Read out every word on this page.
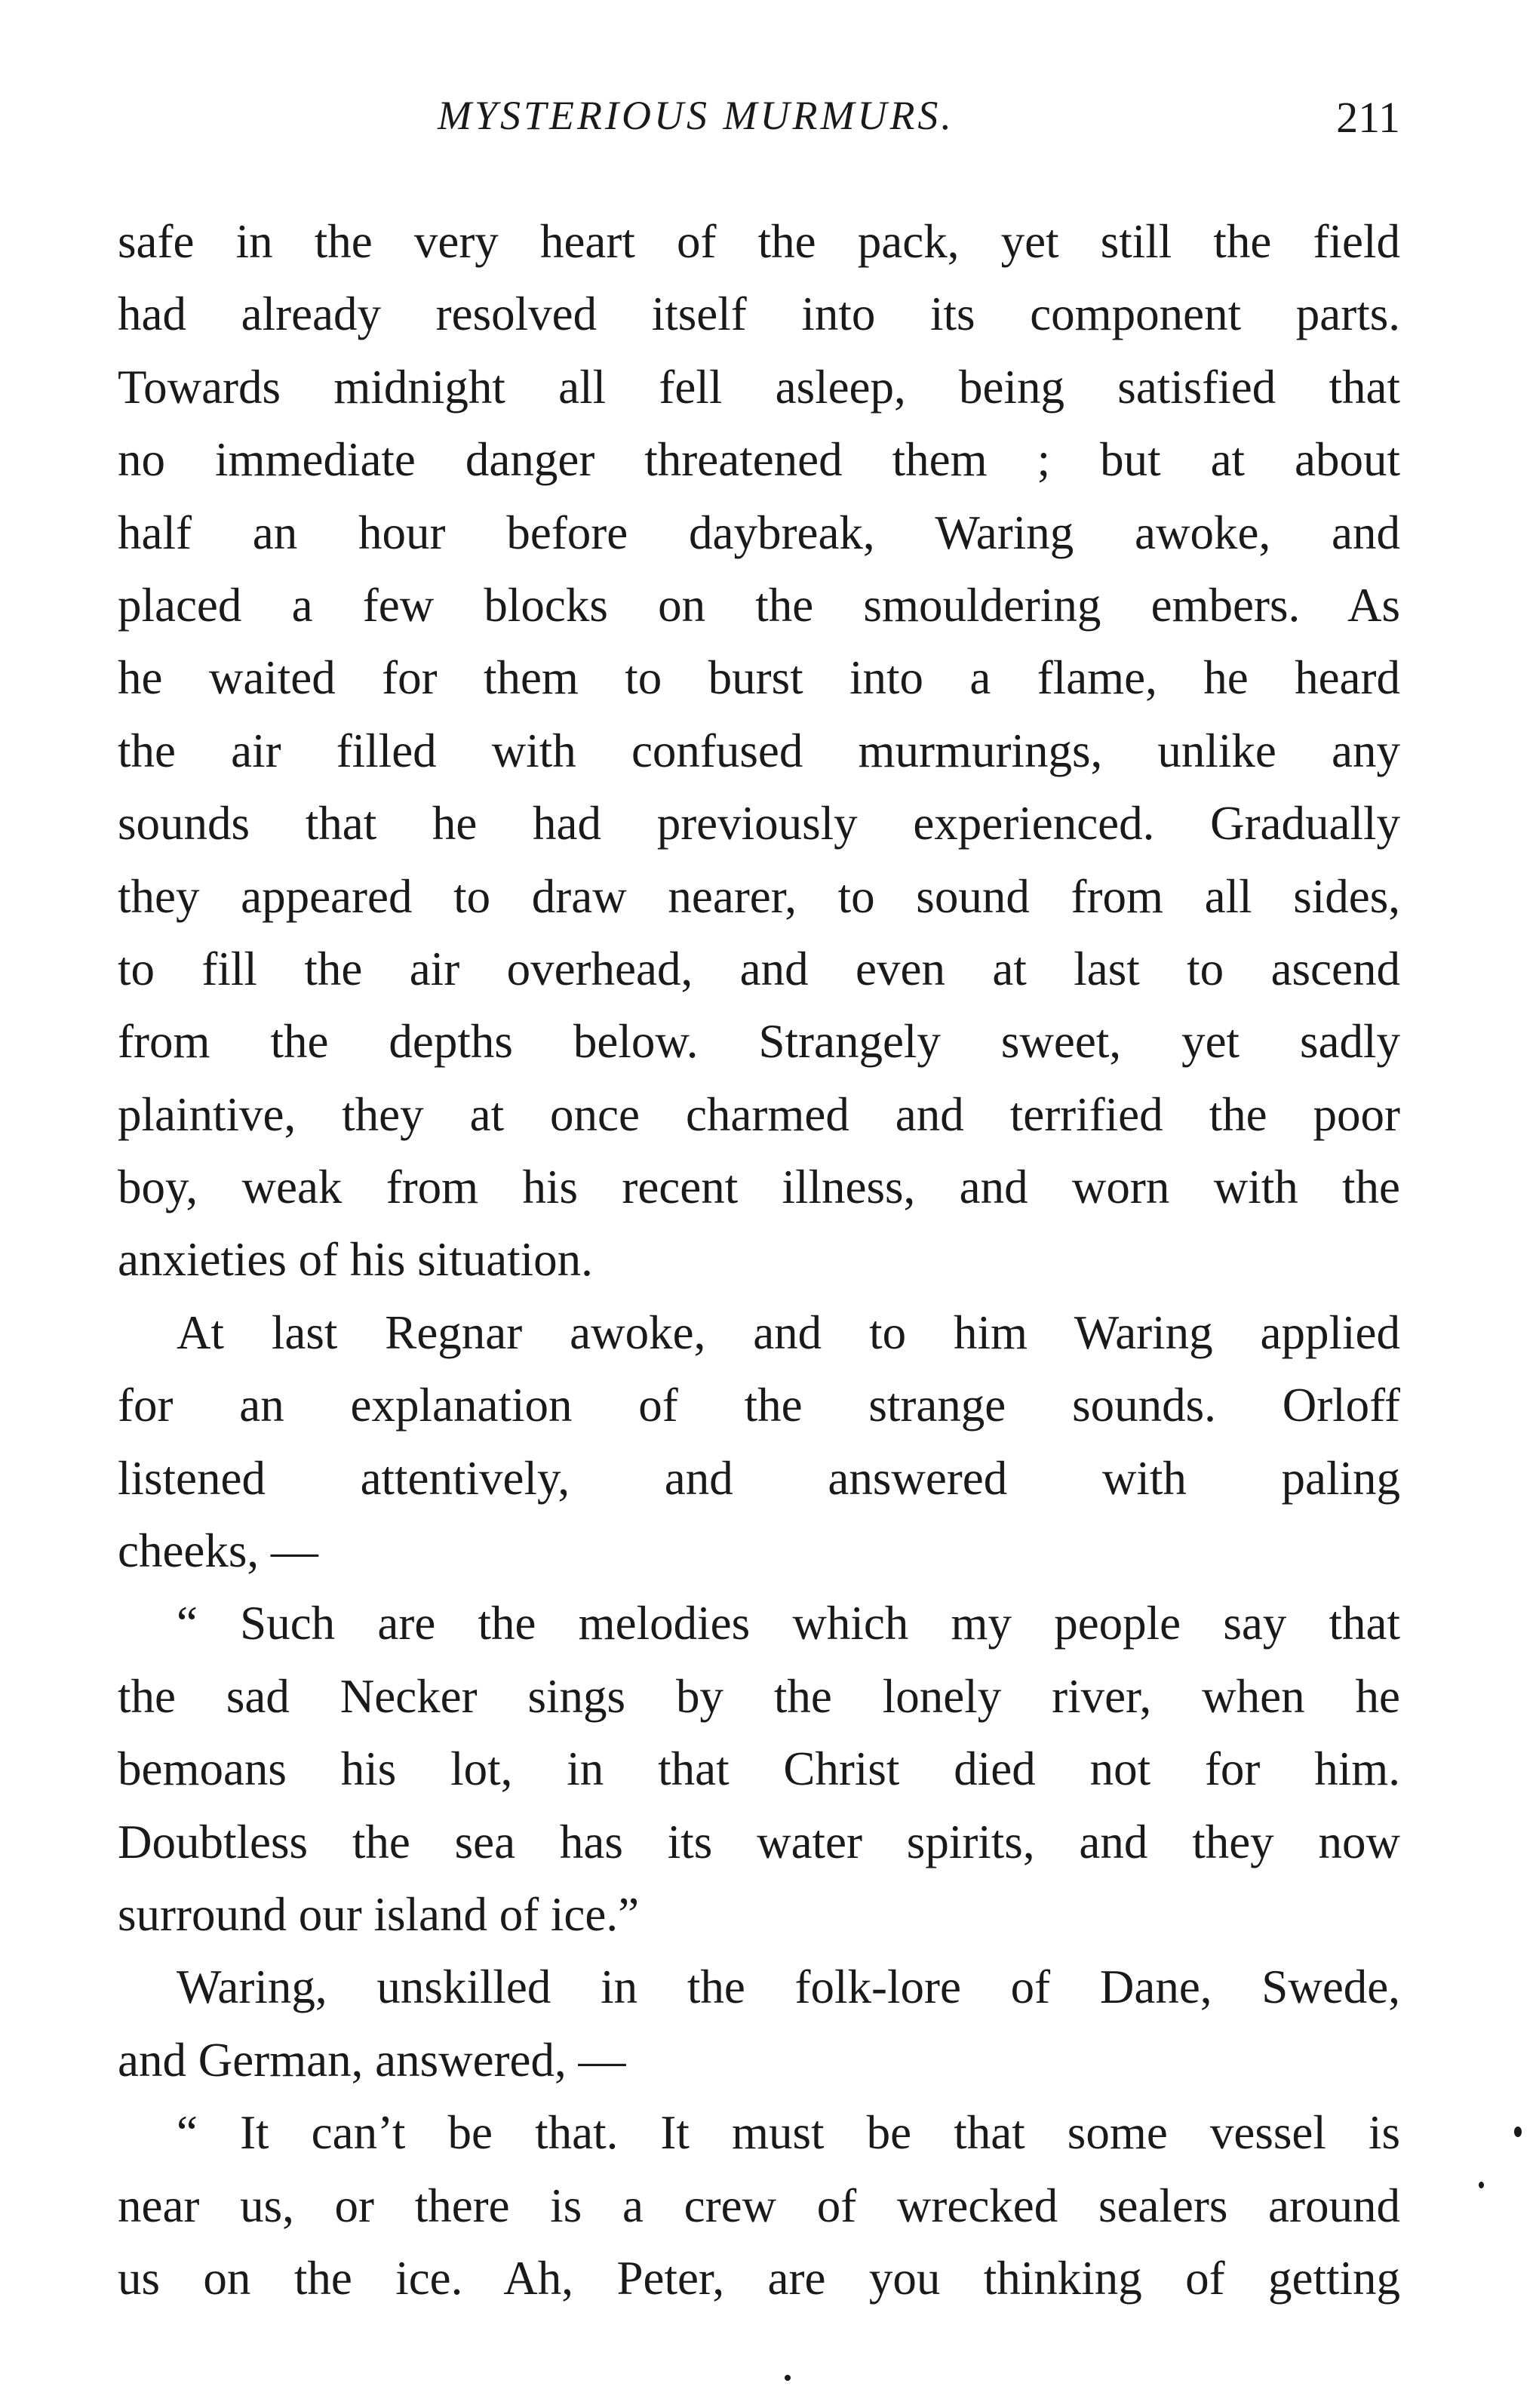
MYSTERIOUS MURMURS.	211
safe in the very heart of the pack, yet still the field
had already resolved itself into its component parts.
Towards midnight all fell asleep, being satisfied that
no immediate danger threatened them ; but at about
half an hour before daybreak, Waring awoke, and
placed a few blocks on the smouldering embers. As
he waited for them to burst into a flame, he heard
the air filled with confused murmurings, unlike any
sounds that he had previously experienced. Gradually
they appeared to draw nearer, to sound from all sides,
to fill the air overhead, and even at last to ascend
from the depths below. Strangely sweet, yet sadly
plaintive, they at once charmed and terrified the poor
boy, weak from his recent illness, and worn with the
anxieties of his situation.
At last Regnar awoke, and to him Waring applied
for an explanation of the strange sounds. Orloff
listened attentively, and answered with paling
cheeks, —
“ Such are the melodies which my people say that
the sad Necker sings by the lonely river, when he
bemoans his lot, in that Christ died not for him.
Doubtless the sea has its water spirits, and they now
surround our island of ice.”
Waring, unskilled in the folk-lore of Dane, Swede,
and German, answered, —
“ It can’t be that. It must be that some vessel is
near us, or there is a crew of wrecked sealers around
us on the ice. Ah, Peter, are you thinking of getting
